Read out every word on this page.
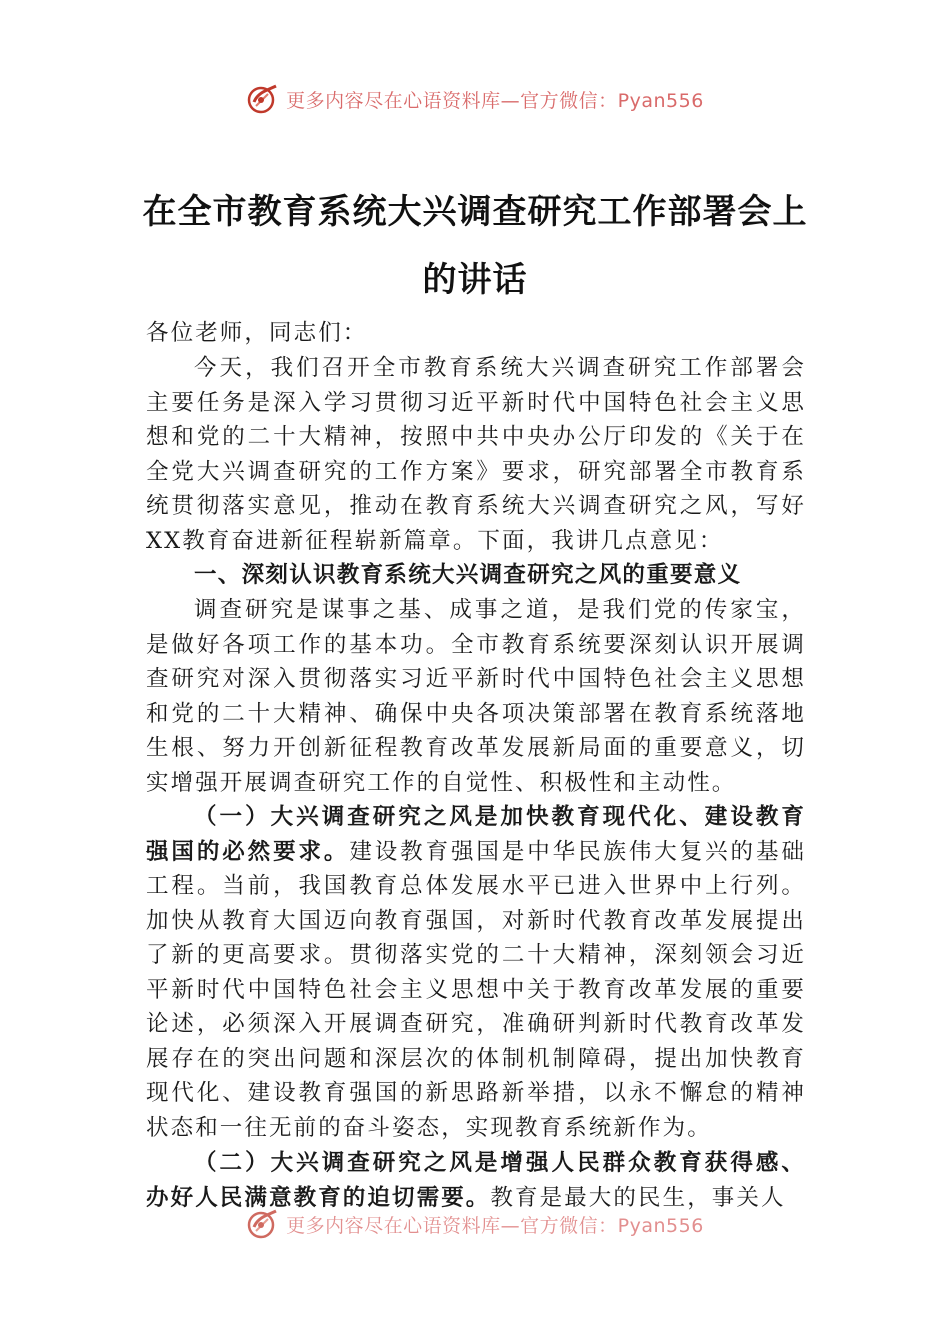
更多内容尽在心语资料库—官方微信：Pyan556
在全市教育系统大兴调查研究工作部署会上的讲话
各位老师，同志们：
今天，我们召开全市教育系统大兴调查研究工作部署会主要任务是深入学习贯彻习近平新时代中国特色社会主义思想和党的二十大精神，按照中共中央办公厅印发的《关于在全党大兴调查研究的工作方案》要求，研究部署全市教育系统贯彻落实意见，推动在教育系统大兴调查研究之风，写好XX教育奋进新征程崭新篇章。下面，我讲几点意见：
一、深刻认识教育系统大兴调查研究之风的重要意义
调查研究是谋事之基、成事之道，是我们党的传家宝，是做好各项工作的基本功。全市教育系统要深刻认识开展调查研究对深入贯彻落实习近平新时代中国特色社会主义思想和党的二十大精神、确保中央各项决策部署在教育系统落地生根、努力开创新征程教育改革发展新局面的重要意义，切实增强开展调查研究工作的自觉性、积极性和主动性。
（一）大兴调查研究之风是加快教育现代化、建设教育强国的必然要求。建设教育强国是中华民族伟大复兴的基础工程。当前，我国教育总体发展水平已进入世界中上行列。加快从教育大国迈向教育强国，对新时代教育改革发展提出了新的更高要求。贯彻落实党的二十大精神，深刻领会习近平新时代中国特色社会主义思想中关于教育改革发展的重要论述，必须深入开展调查研究，准确研判新时代教育改革发展存在的突出问题和深层次的体制机制障碍，提出加快教育现代化、建设教育强国的新思路新举措，以永不懈怠的精神状态和一往无前的奋斗姿态，实现教育系统新作为。
（二）大兴调查研究之风是增强人民群众教育获得感、办好人民满意教育的迫切需要。教育是最大的民生，事关人
更多内容尽在心语资料库—官方微信：Pyan556
